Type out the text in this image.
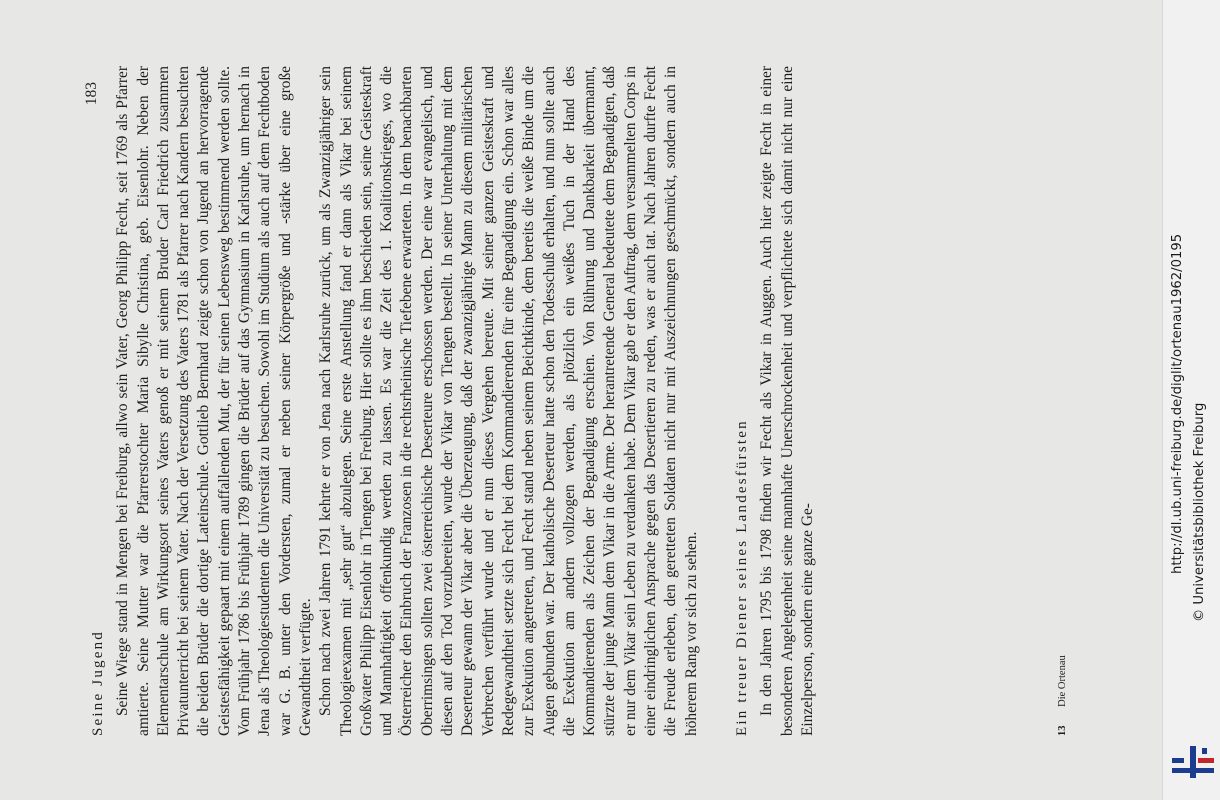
183
Seine Jugend Seine Wiege stand in Mengen bei Freiburg, allwo sein Vater, Georg Philipp Fecht, seit 1769 als Pfarrer amtierte. Seine Mutter war die Pfarrerstochter Maria Sibylle Christina, geb. Eisenlohr. Neben der Elementarschule am Wirkungsort seines Vaters genoß er mit seinem Bruder Carl Friedrich zusammen Privatunterricht bei seinem Vater. Nach der Versetzung des Vaters 1781 als Pfarrer nach Kandern besuchten die beiden Brüder die dortige Lateinschule. Gottlieb Bernhard zeigte schon von Jugend an hervorragende Geistesfähigkeit gepaart mit einem auffallenden Mut, der für seinen Lebensweg bestimmend werden sollte. Vom Frühjahr 1786 bis Frühjahr 1789 gingen die Brüder auf das Gymnasium in Karlsruhe, um hernach in Jena als Theologiestudenten die Universität zu besuchen. Sowohl im Studium als auch auf dem Fechtboden war G. B. unter den Vordersten, zumal er neben seiner Körpergröße und -stärke über eine große Gewandtheit verfügte. Schon nach zwei Jahren 1791 kehrte er von Jena nach Karlsruhe zurück, um als Zwanzigjähriger sein Theologieexamen mit „sehr gut“ abzulegen. Seine erste Anstellung fand er dann als Vikar bei seinem Großvater Philipp Eisenlohr in Tiengen bei Freiburg. Hier sollte es ihm beschieden sein, seine Geisteskraft und Mannhaftigkeit offenkundig werden zu lassen. Es war die Zeit des 1. Koalitionskrieges, wo die Österreicher den Einbruch der Franzosen in die rechtsrheinische Tiefebene erwarteten. In dem benachbarten Oberrimsingen sollten zwei österreichische Deserteure erschossen werden. Der eine war evangelisch, und diesen auf den Tod vorzubereiten, wurde der Vikar von Tiengen bestellt. In seiner Unterhaltung mit dem Deserteur gewann der Vikar aber die Überzeugung, daß der zwanzigjährige Mann zu diesem militärischen Verbrechen verführt wurde und er nun dieses Vergehen bereute. Mit seiner ganzen Geisteskraft und Redegewandtheit setzte sich Fecht bei dem Kommandierenden für eine Begnadigung ein. Schon war alles zur Exekution angetreten, und Fecht stand neben seinem Beichtkinde, dem bereits die weiße Binde um die Augen gebunden war. Der katholische Deserteur hatte schon den Todesschuß erhalten, und nun sollte auch die Exekution am andern vollzogen werden, als plötzlich ein weißes Tuch in der Hand des Kommandierenden als Zeichen der Begnadigung erschien. Von Rührung und Dankbarkeit übermannt, stürzte der junge Mann dem Vikar in die Arme. Der herantretende General bedeutete dem Begnadigten, daß er nur dem Vikar sein Leben zu verdanken habe. Dem Vikar gab er den Auftrag, dem versammelten Corps in einer eindringlichen Ansprache gegen das Desertieren zu reden, was er auch tat. Nach Jahren durfte Fecht die Freude erleben, den geretteten Soldaten nicht nur mit Auszeichnungen geschmückt, sondern auch in höherem Rang vor sich zu sehen. Ein treuer Diener seines Landesfürsten In den Jahren 1795 bis 1798 finden wir Fecht als Vikar in Auggen. Auch hier zeigte Fecht in einer besonderen Angelegenheit seine mannhafte Unerschrockenheit und verpflichtete sich damit nicht nur eine Einzelperson, sondern eine ganze Ge-	13 Die Ortenau
http://dl.ub.uni-freiburg.de/diglit/ortenau1962/0195 © Universitätsbibliothek Freiburg
